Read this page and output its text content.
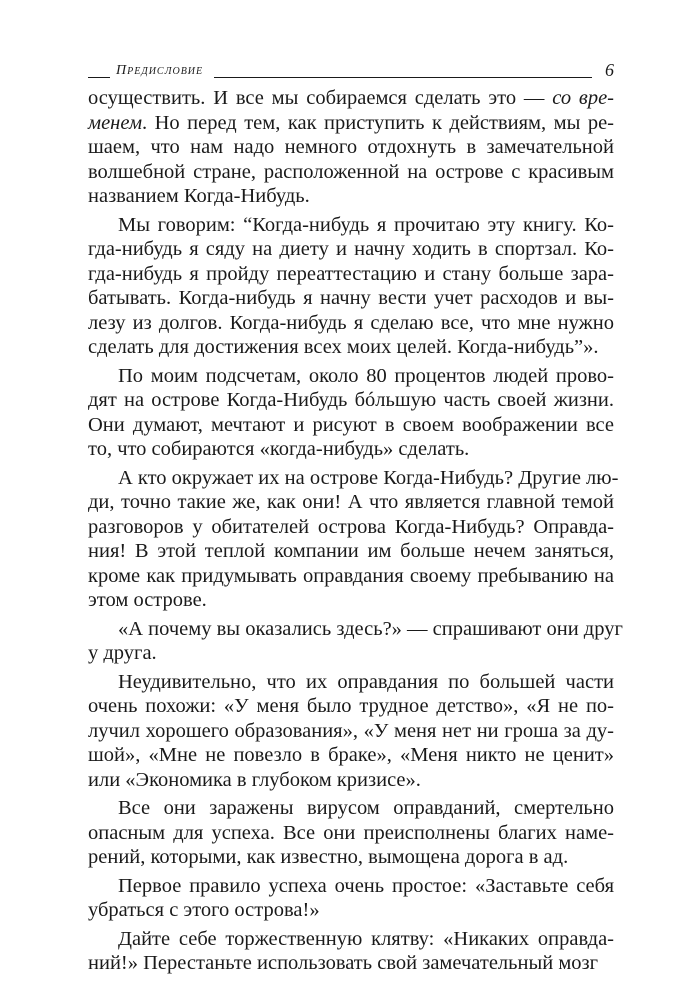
Предисловие	6
осуществить. И все мы собираемся сделать это — со вре-
менем. Но перед тем, как приступить к действиям, мы ре-
шаем, что нам надо немного отдохнуть в замечательной
волшебной стране, расположенной на острове с красивым
названием Когда-Нибудь.
Мы говорим: “Когда-нибудь я прочитаю эту книгу. Ко-
гда-нибудь я сяду на диету и начну ходить в спортзал. Ко-
гда-нибудь я пройду переаттестацию и стану больше зара-
батывать. Когда-нибудь я начну вести учет расходов и вы-
лезу из долгов. Когда-нибудь я сделаю все, что мне нужно
сделать для достижения всех моих целей. Когда-нибудь”».
По моим подсчетам, около 80 процентов людей прово-
дят на острове Когда-Нибудь бóльшую часть своей жизни.
Они думают, мечтают и рисуют в своем воображении все
то, что собираются «когда-нибудь» сделать.
А кто окружает их на острове Когда-Нибудь? Другие лю-
ди, точно такие же, как они! А что является главной темой
разговоров у обитателей острова Когда-Нибудь? Оправда-
ния! В этой теплой компании им больше нечем заняться,
кроме как придумывать оправдания своему пребыванию на
этом острове.
«А почему вы оказались здесь?» — спрашивают они друг
у друга.
Неудивительно, что их оправдания по большей части
очень похожи: «У меня было трудное детство», «Я не по-
лучил хорошего образования», «У меня нет ни гроша за ду-
шой», «Мне не повезло в браке», «Меня никто не ценит»
или «Экономика в глубоком кризисе».
Все они заражены вирусом оправданий, смертельно
опасным для успеха. Все они преисполнены благих наме-
рений, которыми, как известно, вымощена дорога в ад.
Первое правило успеха очень простое: «Заставьте себя
убраться с этого острова!»
Дайте себе торжественную клятву: «Никаких оправда-
ний!» Перестаньте использовать свой замечательный мозг
